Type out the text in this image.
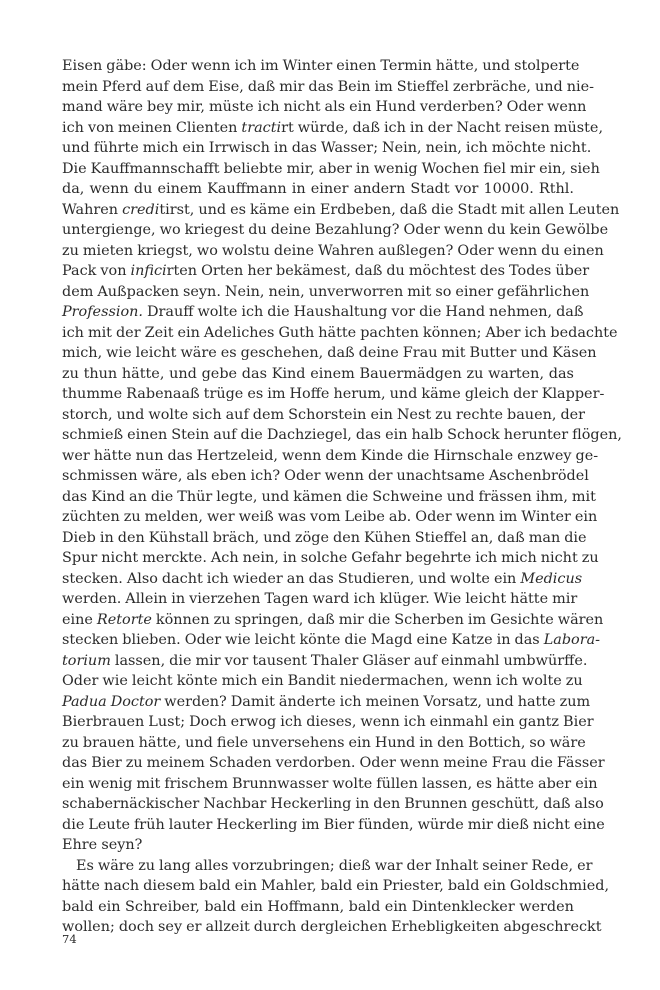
Eisen gäbe: Oder wenn ich im Winter einen Termin hätte, und stolperte
mein Pferd auf dem Eise, daß mir das Bein im Stieffel zerbräche, und nie-
mand wäre bey mir, müste ich nicht als ein Hund verderben? Oder wenn
ich von meinen Clienten tractirt würde, daß ich in der Nacht reisen müste,
und führte mich ein Irrwisch in das Wasser; Nein, nein, ich möchte nicht.
Die Kauffmannschafft beliebte mir, aber in wenig Wochen fiel mir ein, sieh
da, wenn du einem Kauffmann in einer andern Stadt vor 10000. Rthl.
Wahren creditirst, und es käme ein Erdbeben, daß die Stadt mit allen Leuten
untergienge, wo kriegest du deine Bezahlung? Oder wenn du kein Gewölbe
zu mieten kriegst, wo wolstu deine Wahren außlegen? Oder wenn du einen
Pack von inficirten Orten her bekämest, daß du möchtest des Todes über
dem Außpacken seyn. Nein, nein, unverworren mit so einer gefährlichen
Profession. Drauff wolte ich die Haushaltung vor die Hand nehmen, daß
ich mit der Zeit ein Adeliches Guth hätte pachten können; Aber ich bedachte
mich, wie leicht wäre es geschehen, daß deine Frau mit Butter und Käsen
zu thun hätte, und gebe das Kind einem Bauermädgen zu warten, das
thumme Rabenaaß trüge es im Hoffe herum, und käme gleich der Klapper-
storch, und wolte sich auf dem Schorstein ein Nest zu rechte bauen, der
schmieß einen Stein auf die Dachziegel, das ein halb Schock herunter flögen,
wer hätte nun das Hertzeleid, wenn dem Kinde die Hirnschale enzwey ge-
schmissen wäre, als eben ich? Oder wenn der unachtsame Aschenbrödel
das Kind an die Thür legte, und kämen die Schweine und frässen ihm, mit
züchten zu melden, wer weiß was vom Leibe ab. Oder wenn im Winter ein
Dieb in den Kühstall bräch, und zöge den Kühen Stieffel an, daß man die
Spur nicht merckte. Ach nein, in solche Gefahr begehrte ich mich nicht zu
stecken. Also dacht ich wieder an das Studieren, und wolte ein Medicus
werden. Allein in vierzehen Tagen ward ich klüger. Wie leicht hätte mir
eine Retorte können zu springen, daß mir die Scherben im Gesichte wären
stecken blieben. Oder wie leicht könte die Magd eine Katze in das Labora-
torium lassen, die mir vor tausent Thaler Gläser auf einmahl umbwürffe.
Oder wie leicht könte mich ein Bandit niedermachen, wenn ich wolte zu
Padua Doctor werden? Damit änderte ich meinen Vorsatz, und hatte zum
Bierbrauen Lust; Doch erwog ich dieses, wenn ich einmahl ein gantz Bier
zu brauen hätte, und fiele unversehens ein Hund in den Bottich, so wäre
das Bier zu meinem Schaden verdorben. Oder wenn meine Frau die Fässer
ein wenig mit frischem Brunnwasser wolte füllen lassen, es hätte aber ein
schabernäckischer Nachbar Heckerling in den Brunnen geschütt, daß also
die Leute früh lauter Heckerling im Bier fünden, würde mir dieß nicht eine
Ehre seyn?
Es wäre zu lang alles vorzubringen; dieß war der Inhalt seiner Rede, er
hätte nach diesem bald ein Mahler, bald ein Priester, bald ein Goldschmied,
bald ein Schreiber, bald ein Hoffmann, bald ein Dintenklecker werden
wollen; doch sey er allzeit durch dergleichen Erhebligkeiten abgeschreckt
74
